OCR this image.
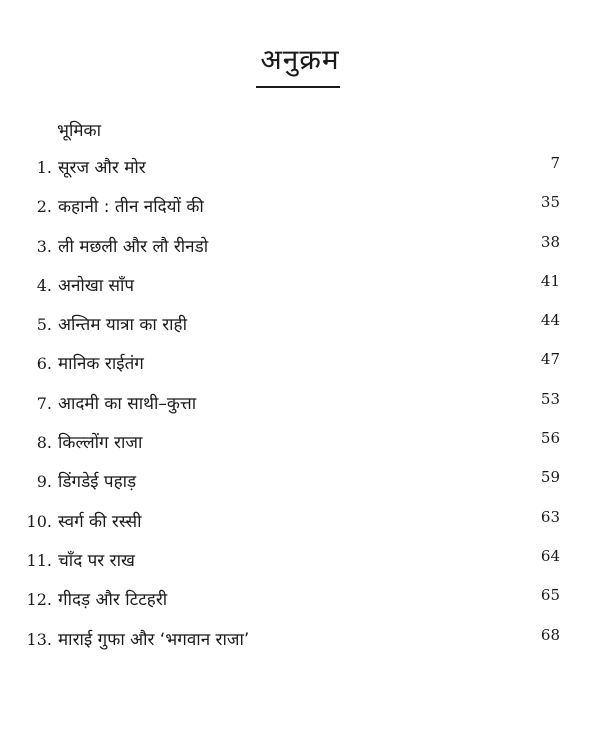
अनुक्रम
भूमिका
1. सूरज और मोर	7
2. कहानी : तीन नदियों की	35
3. ली मछली और लौ रीनडो	38
4. अनोखा साँप	41
5. अन्तिम यात्रा का राही	44
6. मानिक राईतंग	47
7. आदमी का साथी–कुत्ता	53
8. किल्लोंग राजा	56
9. डिंगडेई पहाड़	59
10. स्वर्ग की रस्सी	63
11. चाँद पर राख	64
12. गीदड़ और टिटहरी	65
13. माराई गुफा और ‘भगवान राजा’	68
